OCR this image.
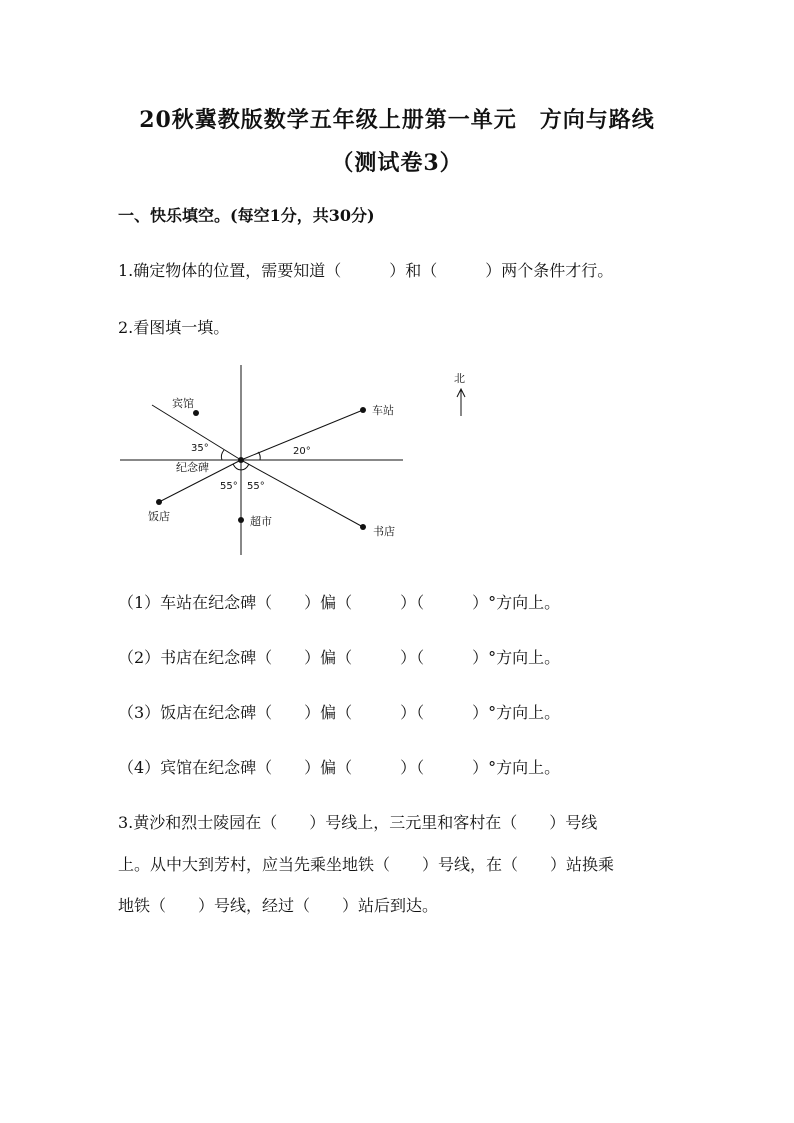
20秋冀教版数学五年级上册第一单元　方向与路线
（测试卷3）
一、快乐填空。(每空1分，共30分)
1.确定物体的位置，需要知道（　　　）和（　　　）两个条件才行。
2.看图填一填。
宾馆
车站
饭店	超市
书店
纪念碑
35°	20°
55° 55°
北
（1）车站在纪念碑（　　）偏（　　　）（　　　）°方向上。
（2）书店在纪念碑（　　）偏（　　　）（　　　）°方向上。
（3）饭店在纪念碑（　　）偏（　　　）（　　　）°方向上。
（4）宾馆在纪念碑（　　）偏（　　　）（　　　）°方向上。
3.黄沙和烈士陵园在（　　）号线上，三元里和客村在（　　）号线
上。从中大到芳村，应当先乘坐地铁（　　）号线，在（　　）站换乘
地铁（　　）号线，经过（　　）站后到达。
